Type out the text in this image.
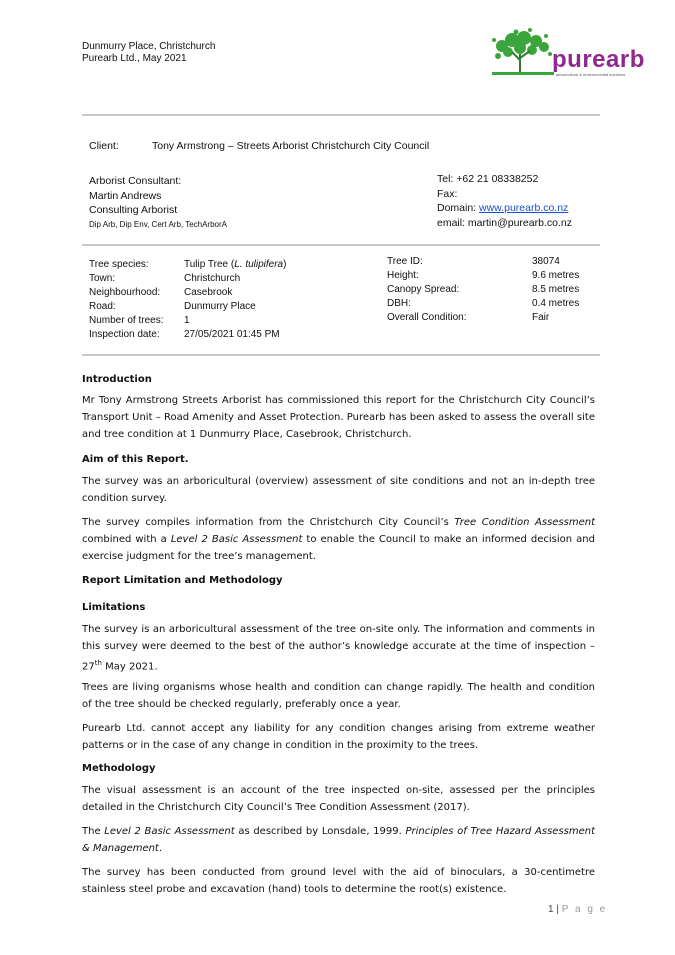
Dunmurry Place, Christchurch
Purearb Ltd., May 2021	purearb
arboriculture & environmental solutions
Client:	Tony Armstrong – Streets Arborist Christchurch City Council
Arborist Consultant:
Martin Andrews
Consulting Arborist
Dip Arb, Dip Env, Cert Arb, TechArborA
Tel: +62 21 08338252
Fax:
Domain: www.purearb.co.nz
email: martin@purearb.co.nz
Tree species:	Tulip Tree (L. tulipifera)
Town:	Christchurch
Neighbourhood:	Casebrook
Road:	Dunmurry Place
Number of trees:	1
Inspection date:	27/05/2021 01:45 PM
Tree ID:	38074
Height:	9.6 metres
Canopy Spread:	8.5 metres
DBH:	0.4 metres
Overall Condition:	Fair
Introduction

Mr Tony Armstrong Streets Arborist has commissioned this report for the Christchurch City Council’s Transport Unit – Road Amenity and Asset Protection. Purearb has been asked to assess the overall site and tree condition at 1 Dunmurry Place, Casebrook, Christchurch.

Aim of this Report.

The survey was an arboricultural (overview) assessment of site conditions and not an in-depth tree condition survey.

The survey compiles information from the Christchurch City Council’s Tree Condition Assessment combined with a Level 2 Basic Assessment to enable the Council to make an informed decision and exercise judgment for the tree’s management.

Report Limitation and Methodology
Limitations

The survey is an arboricultural assessment of the tree on-site only. The information and comments in this survey were deemed to the best of the author’s knowledge accurate at the time of inspection – 27th May 2021.

Trees are living organisms whose health and condition can change rapidly. The health and condition of the tree should be checked regularly, preferably once a year.

Purearb Ltd. cannot accept any liability for any condition changes arising from extreme weather patterns or in the case of any change in condition in the proximity to the trees.

Methodology

The visual assessment is an account of the tree inspected on-site, assessed per the principles detailed in the Christchurch City Council’s Tree Condition Assessment (2017).

The Level 2 Basic Assessment as described by Lonsdale, 1999. Principles of Tree Hazard Assessment & Management.

The survey has been conducted from ground level with the aid of binoculars, a 30-centimetre stainless steel probe and excavation (hand) tools to determine the root(s) existence.

1 | P a g e
